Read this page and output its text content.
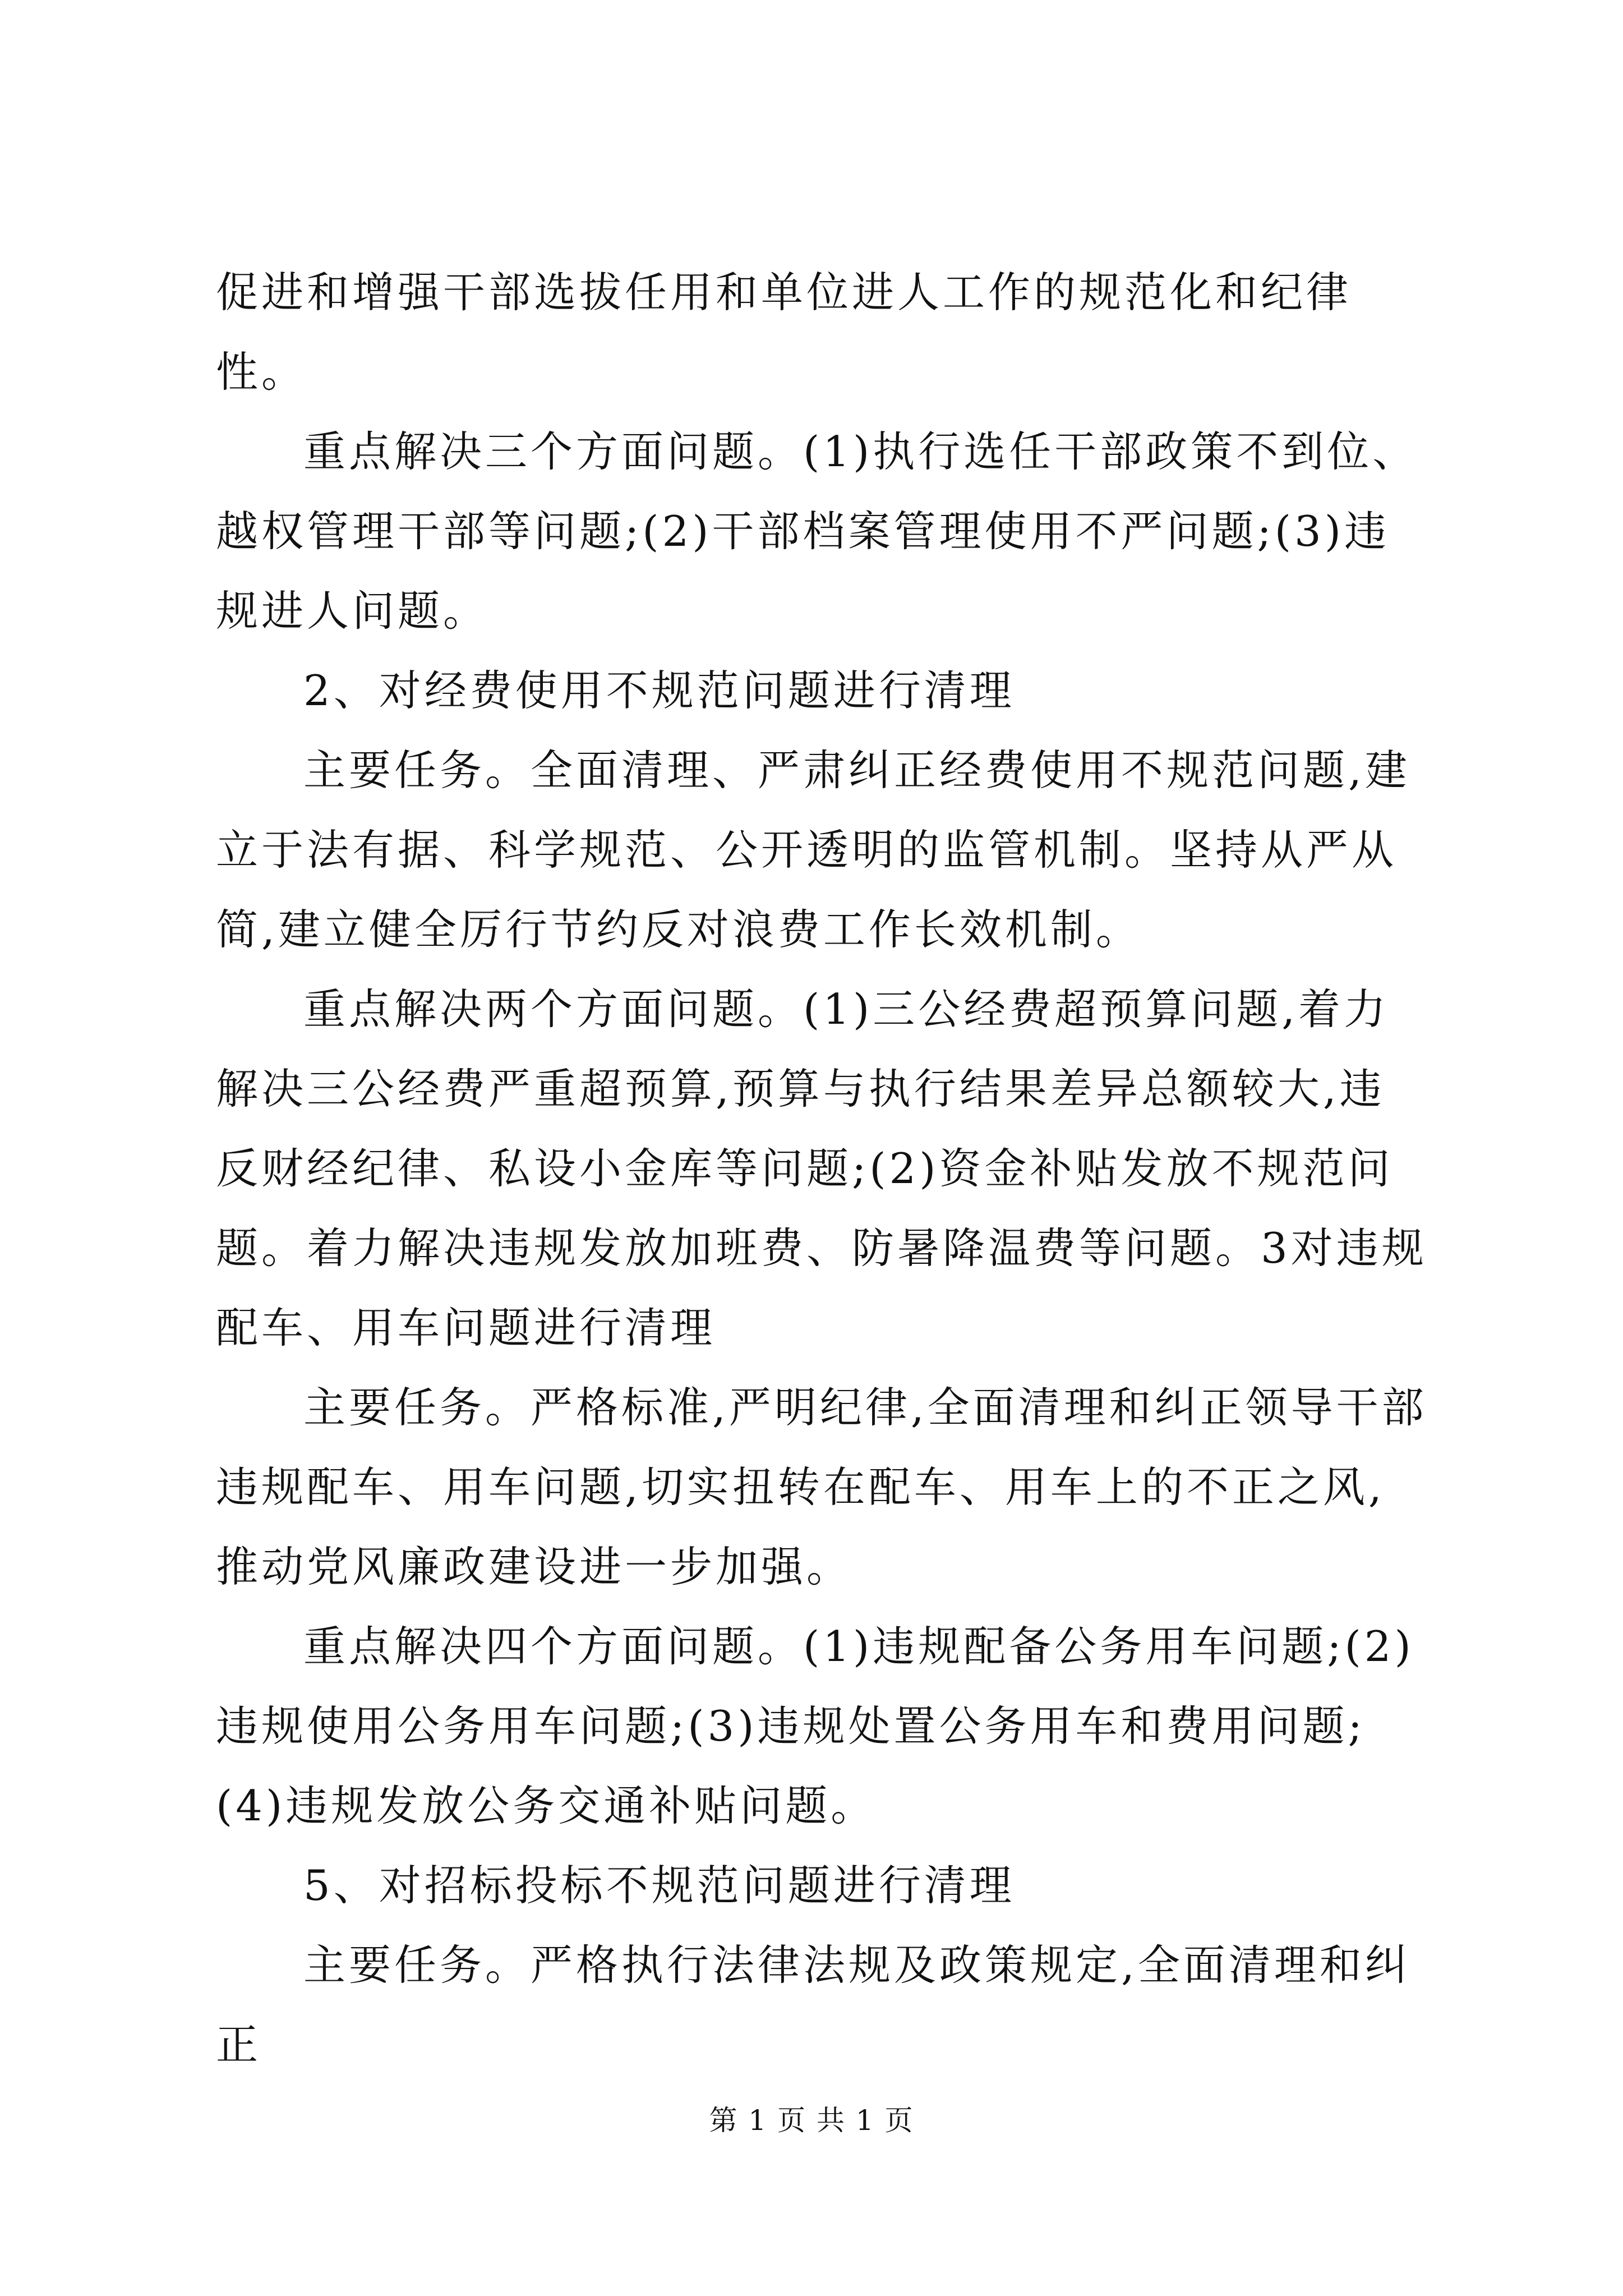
促进和增强干部选拔任用和单位进人工作的规范化和纪律性。

重点解决三个方面问题。(1)执行选任干部政策不到位、越权管理干部等问题;(2)干部档案管理使用不严问题;(3)违规进人问题。

2、对经费使用不规范问题进行清理

主要任务。全面清理、严肃纠正经费使用不规范问题,建立于法有据、科学规范、公开透明的监管机制。坚持从严从简,建立健全厉行节约反对浪费工作长效机制。

重点解决两个方面问题。(1)三公经费超预算问题,着力解决三公经费严重超预算,预算与执行结果差异总额较大,违反财经纪律、私设小金库等问题;(2)资金补贴发放不规范问题。着力解决违规发放加班费、防暑降温费等问题。3对违规配车、用车问题进行清理

主要任务。严格标准,严明纪律,全面清理和纠正领导干部违规配车、用车问题,切实扭转在配车、用车上的不正之风,推动党风廉政建设进一步加强。

重点解决四个方面问题。(1)违规配备公务用车问题;(2)违规使用公务用车问题;(3)违规处置公务用车和费用问题;(4)违规发放公务交通补贴问题。

5、对招标投标不规范问题进行清理

主要任务。严格执行法律法规及政策规定,全面清理和纠正

第 1 页 共 1 页
